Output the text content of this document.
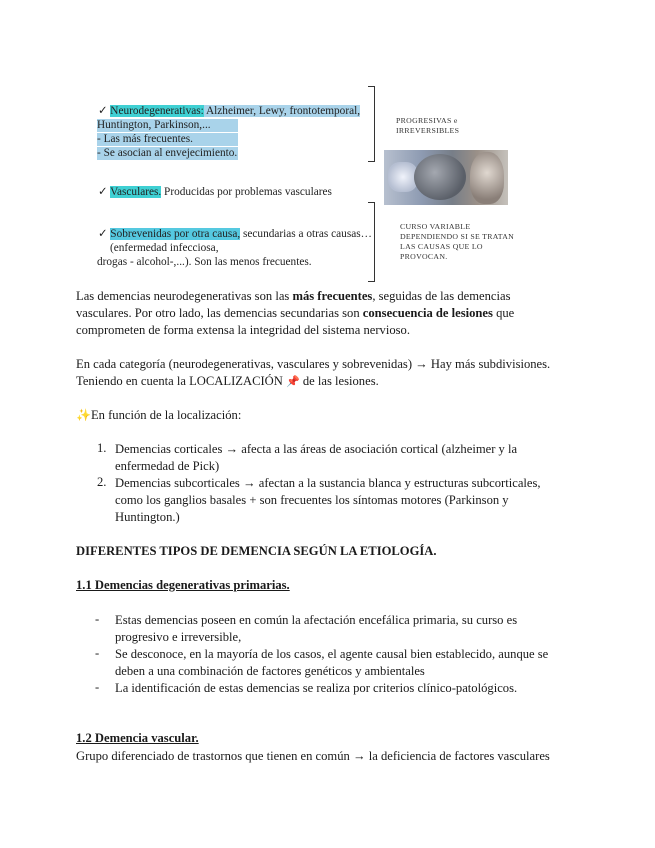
✓ Neurodegenerativas: Alzheimer, Lewy, frontotemporal,
Huntington, Parkinson,...
- Las más frecuentes.
- Se asocian al envejecimiento.
✓ Vasculares. Producidas por problemas vasculares
✓ Sobrevenidas por otra causa, secundarias a otras causas…
(enfermedad infecciosa,
drogas - alcohol-,...). Son las menos frecuentes.
PROGRESIVAS e
IRREVERSIBLES
CURSO VARIABLE
DEPENDIENDO SI SE TRATAN
LAS CAUSAS QUE LO
PROVOCAN.
Las demencias neurodegenerativas son las más frecuentes, seguidas de las demencias
vasculares. Por otro lado, las demencias secundarias son consecuencia de lesiones que
comprometen de forma extensa la integridad del sistema nervioso.
En cada categoría (neurodegenerativas, vasculares y sobrevenidas) → Hay más subdivisiones.
Teniendo en cuenta la LOCALIZACIÓN 📌 de las lesiones.
✨En función de la localización:
1. Demencias corticales → afecta a las áreas de asociación cortical (alzheimer y la
enfermedad de Pick)
2. Demencias subcorticales → afectan a la sustancia blanca y estructuras subcorticales,
como los ganglios basales + son frecuentes los síntomas motores (Parkinson y
Huntington.)
DIFERENTES TIPOS DE DEMENCIA SEGÚN LA ETIOLOGÍA.
1.1 Demencias degenerativas primarias.
- Estas demencias poseen en común la afectación encefálica primaria, su curso es
progresivo e irreversible,
- Se desconoce, en la mayoría de los casos, el agente causal bien establecido, aunque se
deben a una combinación de factores genéticos y ambientales
- La identificación de estas demencias se realiza por criterios clínico-patológicos.
1.2 Demencia vascular.
Grupo diferenciado de trastornos que tienen en común → la deficiencia de factores vasculares
